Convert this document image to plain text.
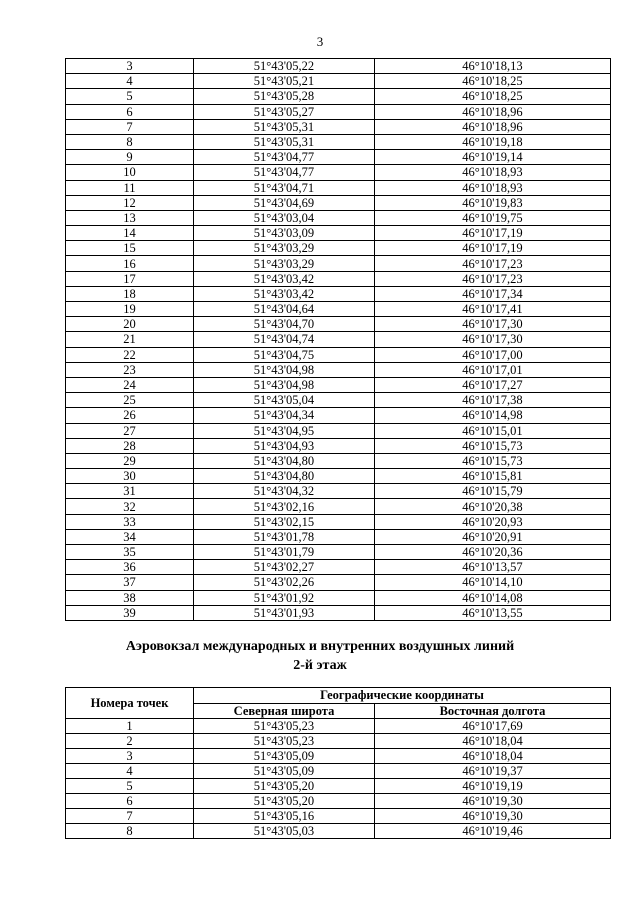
3
3	51°43'05,22	46°10'18,13
4	51°43'05,21	46°10'18,25
5	51°43'05,28	46°10'18,25
6	51°43'05,27	46°10'18,96
7	51°43'05,31	46°10'18,96
8	51°43'05,31	46°10'19,18
9	51°43'04,77	46°10'19,14
10	51°43'04,77	46°10'18,93
11	51°43'04,71	46°10'18,93
12	51°43'04,69	46°10'19,83
13	51°43'03,04	46°10'19,75
14	51°43'03,09	46°10'17,19
15	51°43'03,29	46°10'17,19
16	51°43'03,29	46°10'17,23
17	51°43'03,42	46°10'17,23
18	51°43'03,42	46°10'17,34
19	51°43'04,64	46°10'17,41
20	51°43'04,70	46°10'17,30
21	51°43'04,74	46°10'17,30
22	51°43'04,75	46°10'17,00
23	51°43'04,98	46°10'17,01
24	51°43'04,98	46°10'17,27
25	51°43'05,04	46°10'17,38
26	51°43'04,34	46°10'14,98
27	51°43'04,95	46°10'15,01
28	51°43'04,93	46°10'15,73
29	51°43'04,80	46°10'15,73
30	51°43'04,80	46°10'15,81
31	51°43'04,32	46°10'15,79
32	51°43'02,16	46°10'20,38
33	51°43'02,15	46°10'20,93
34	51°43'01,78	46°10'20,91
35	51°43'01,79	46°10'20,36
36	51°43'02,27	46°10'13,57
37	51°43'02,26	46°10'14,10
38	51°43'01,92	46°10'14,08
39	51°43'01,93	46°10'13,55
Аэровокзал международных и внутренних воздушных линий
2-й этаж
Номера точек	Географические координаты	
	Северная широта	Восточная долгота
1	51°43'05,23	46°10'17,69
2	51°43'05,23	46°10'18,04
3	51°43'05,09	46°10'18,04
4	51°43'05,09	46°10'19,37
5	51°43'05,20	46°10'19,19
6	51°43'05,20	46°10'19,30
7	51°43'05,16	46°10'19,30
8	51°43'05,03	46°10'19,46
